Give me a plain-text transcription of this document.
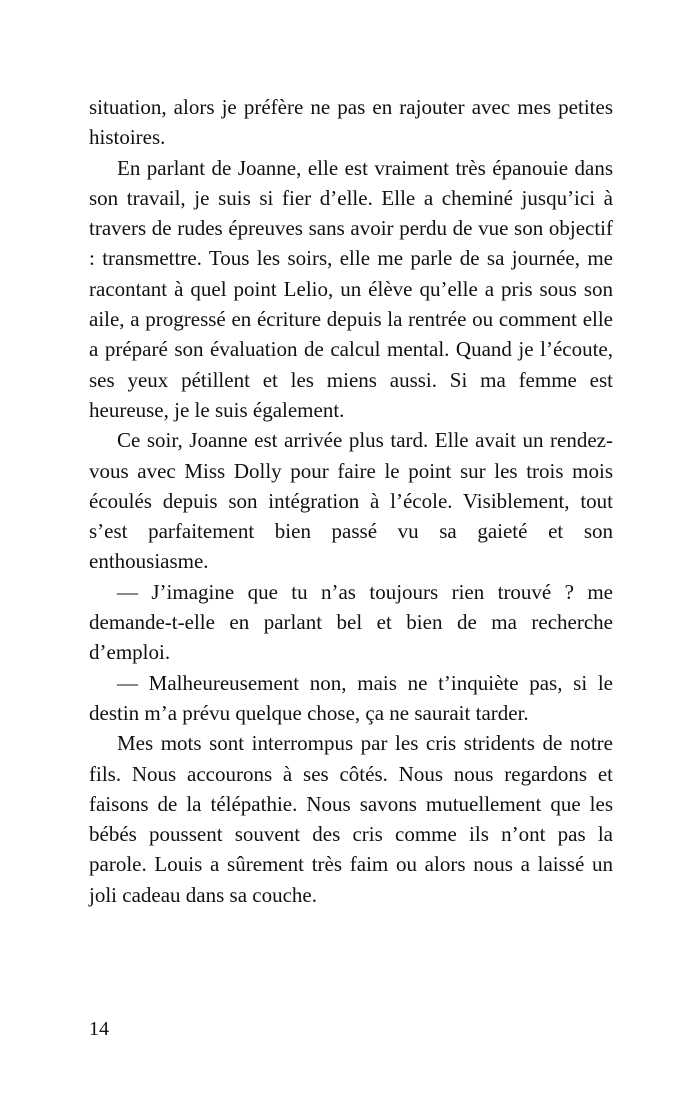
situation, alors je préfère ne pas en rajouter avec mes petites histoires.

En parlant de Joanne, elle est vraiment très épanouie dans son travail, je suis si fier d’elle. Elle a cheminé jusqu’ici à travers de rudes épreuves sans avoir perdu de vue son objectif : transmettre. Tous les soirs, elle me parle de sa journée, me racontant à quel point Lelio, un élève qu’elle a pris sous son aile, a progressé en écriture depuis la rentrée ou comment elle a préparé son évaluation de calcul mental. Quand je l’écoute, ses yeux pétillent et les miens aussi. Si ma femme est heureuse, je le suis également.

Ce soir, Joanne est arrivée plus tard. Elle avait un rendez-vous avec Miss Dolly pour faire le point sur les trois mois écoulés depuis son intégration à l’école. Visiblement, tout s’est parfaitement bien passé vu sa gaieté et son enthousiasme.

— J’imagine que tu n’as toujours rien trouvé ? me demande-t-elle en parlant bel et bien de ma recherche d’emploi.

— Malheureusement non, mais ne t’inquiète pas, si le destin m’a prévu quelque chose, ça ne saurait tarder.

Mes mots sont interrompus par les cris stridents de notre fils. Nous accourons à ses côtés. Nous nous regardons et faisons de la télépathie. Nous savons mutuellement que les bébés poussent souvent des cris comme ils n’ont pas la parole. Louis a sûrement très faim ou alors nous a laissé un joli cadeau dans sa couche.

14
